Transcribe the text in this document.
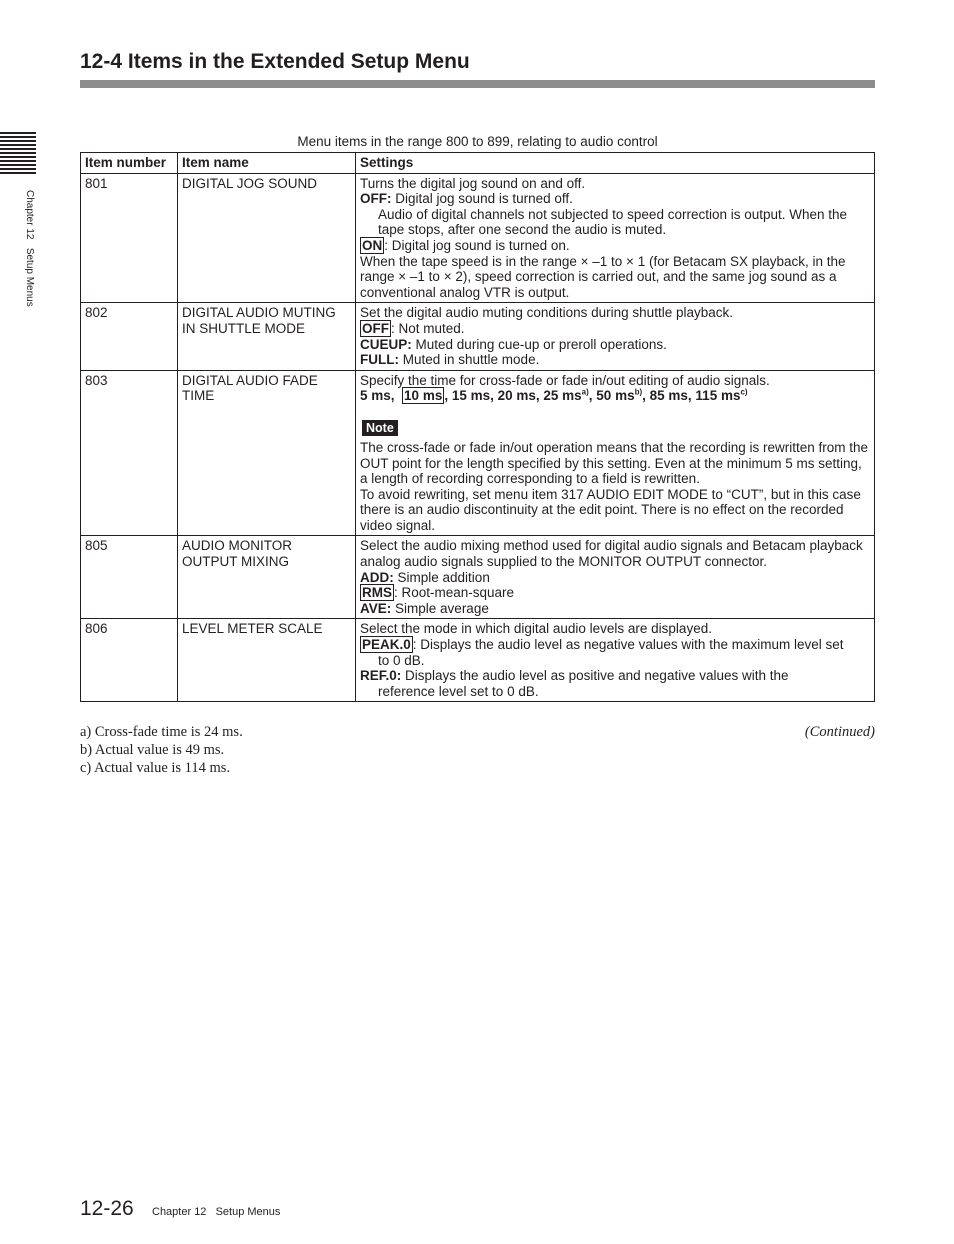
12-4 Items in the Extended Setup Menu
Chapter 12   Setup Menus
Menu items in the range 800 to 899, relating to audio control
Item number	Item name	Settings
801	DIGITAL JOG SOUND	Turns the digital jog sound on and off.
OFF: Digital jog sound is turned off.
Audio of digital channels not subjected to speed correction is output. When the tape stops, after one second the audio is muted.
ON : Digital jog sound is turned on.
When the tape speed is in the range × –1 to × 1 (for Betacam SX playback, in the range × –1 to × 2), speed correction is carried out, and the same jog sound as a conventional analog VTR is output.

802	DIGITAL AUDIO MUTING IN SHUTTLE MODE	Set the digital audio muting conditions during shuttle playback.
OFF : Not muted.
CUEUP: Muted during cue-up or preroll operations.
FULL: Muted in shuttle mode.

803	DIGITAL AUDIO FADE TIME	Specify the time for cross-fade or fade in/out editing of audio signals.
5 ms, 10 ms , 15 ms, 20 ms, 25 $ms^{a)}$, 50 $ms^{b)}$, 85 ms, 115 $ms^{c)}$
Note
The cross-fade or fade in/out operation means that the recording is rewritten from the OUT point for the length specified by this setting. Even at the minimum 5 ms setting, a length of recording corresponding to a field is rewritten.
To avoid rewriting, set menu item 317 AUDIO EDIT MODE to “CUT”, but in this case there is an audio discontinuity at the edit point. There is no effect on the recorded video signal.

805	AUDIO MONITOR OUTPUT MIXING	Select the audio mixing method used for digital audio signals and Betacam playback analog audio signals supplied to the MONITOR OUTPUT connector.
ADD: Simple addition
RMS : Root-mean-square
AVE: Simple average

806	LEVEL METER SCALE	Select the mode in which digital audio levels are displayed.
PEAK.0 : Displays the audio level as negative values with the maximum level set
to 0 dB.
REF.0: Displays the audio level as positive and negative values with the
reference level set to 0 dB.
a) Cross-fade time is 24 ms.
b) Actual value is 49 ms.
c) Actual value is 114 ms.
(Continued)
12-26 Chapter 12   Setup Menus
